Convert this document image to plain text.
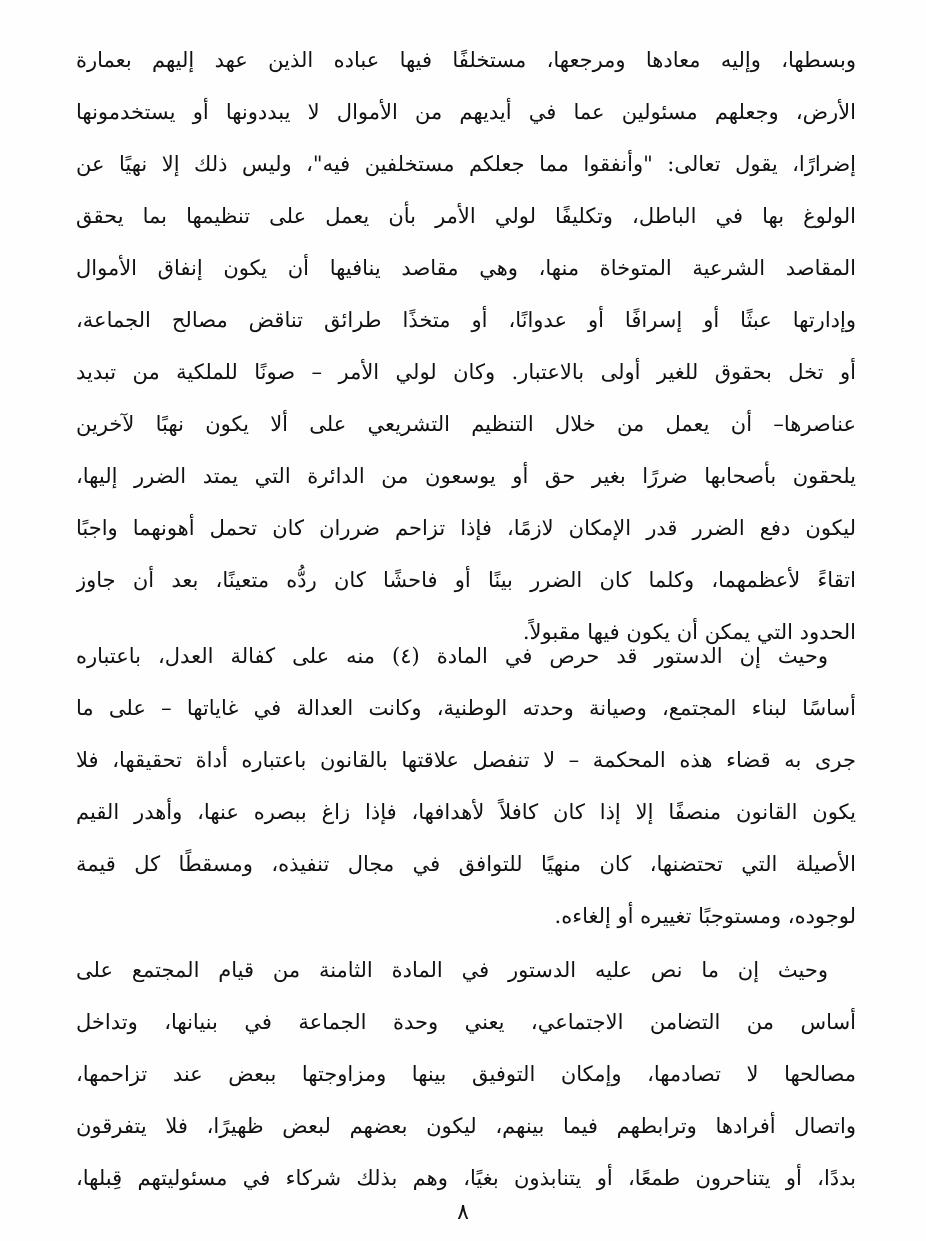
وبسطها، وإليه معادها ومرجعها، مستخلفًا فيها عباده الذين عهد إليهم بعمارة
الأرض، وجعلهم مسئولين عما في أيديهم من الأموال لا يبددونها أو يستخدمونها
إضرارًا، يقول تعالى: "وأنفقوا مما جعلكم مستخلفين فيه"، وليس ذلك إلا نهيًا عن
الولوغ بها في الباطل، وتكليفًا لولي الأمر بأن يعمل على تنظيمها بما يحقق
المقاصد الشرعية المتوخاة منها، وهي مقاصد ينافيها أن يكون إنفاق الأموال
وإدارتها عبثًا أو إسرافًا أو عدوانًا، أو متخذًا طرائق تناقض مصالح الجماعة،
أو تخل بحقوق للغير أولى بالاعتبار. وكان لولي الأمر – صونًا للملكية من تبديد
عناصرها– أن يعمل من خلال التنظيم التشريعي على ألا يكون نهبًا لآخرين
يلحقون بأصحابها ضررًا بغير حق أو يوسعون من الدائرة التي يمتد الضرر إليها،
ليكون دفع الضرر قدر الإمكان لازمًا، فإذا تزاحم ضرران كان تحمل أهونهما واجبًا
اتقاءً لأعظمهما، وكلما كان الضرر بينًا أو فاحشًا كان ردُّه متعينًا، بعد أن جاوز
الحدود التي يمكن أن يكون فيها مقبولاً.
وحيث إن الدستور قد حرص في المادة (٤) منه على كفالة العدل، باعتباره
أساسًا لبناء المجتمع، وصيانة وحدته الوطنية، وكانت العدالة في غاياتها – على ما
جرى به قضاء هذه المحكمة – لا تنفصل علاقتها بالقانون باعتباره أداة تحقيقها، فلا
يكون القانون منصفًا إلا إذا كان كافلاً لأهدافها، فإذا زاغ ببصره عنها، وأهدر القيم
الأصيلة التي تحتضنها، كان منهيًا للتوافق في مجال تنفيذه، ومسقطًا كل قيمة
لوجوده، ومستوجبًا تغييره أو إلغاءه.
وحيث إن ما نص عليه الدستور في المادة الثامنة من قيام المجتمع على
أساس من التضامن الاجتماعي، يعني وحدة الجماعة في بنيانها، وتداخل
مصالحها لا تصادمها، وإمكان التوفيق بينها ومزاوجتها ببعض عند تزاحمها،
واتصال أفرادها وترابطهم فيما بينهم، ليكون بعضهم لبعض ظهيرًا، فلا يتفرقون
بددًا، أو يتناحرون طمعًا، أو يتنابذون بغيًا، وهم بذلك شركاء في مسئوليتهم قِبلها،
٨
